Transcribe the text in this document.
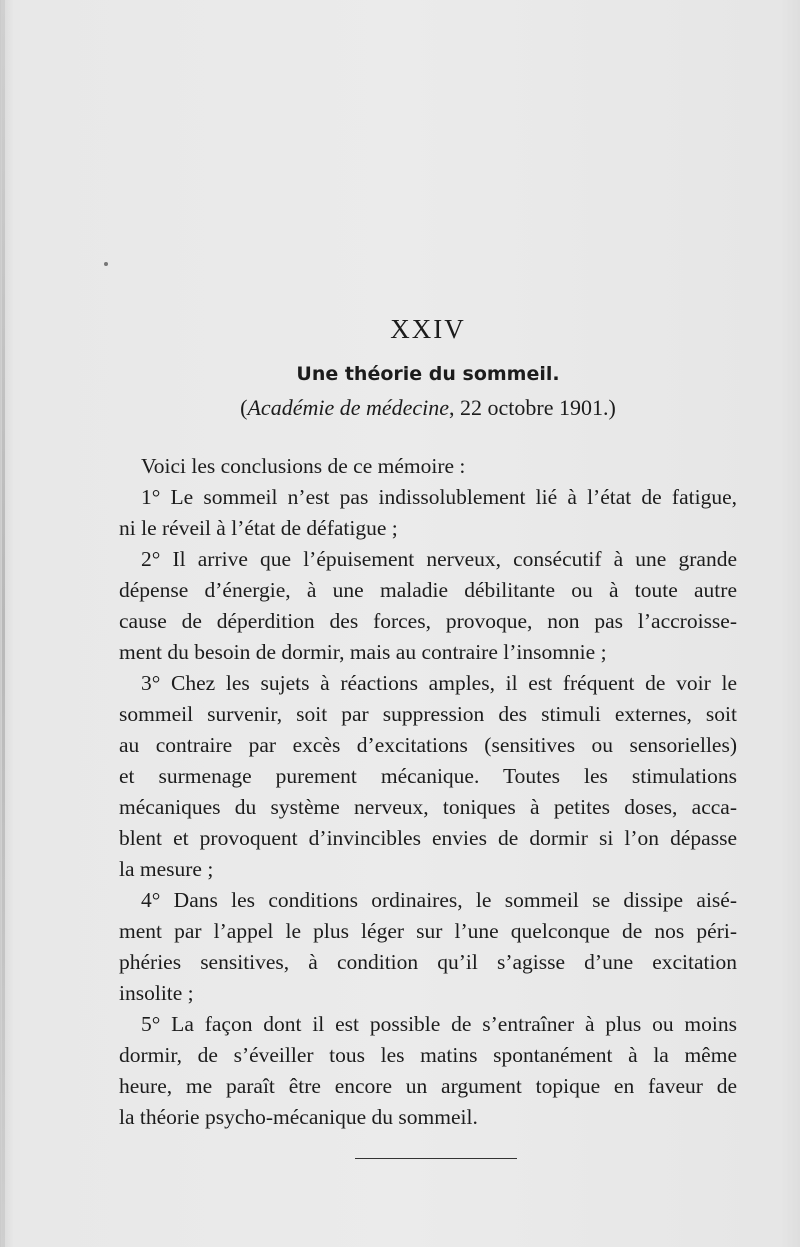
XXIV
Une théorie du sommeil.
(Académie de médecine, 22 octobre 1901.)
Voici les conclusions de ce mémoire :
1° Le sommeil n’est pas indissolublement lié à l’état de fatigue,
ni le réveil à l’état de défatigue ;
2° Il arrive que l’épuisement nerveux, consécutif à une grande
dépense d’énergie, à une maladie débilitante ou à toute autre
cause de déperdition des forces, provoque, non pas l’accroisse-
ment du besoin de dormir, mais au contraire l’insomnie ;
3° Chez les sujets à réactions amples, il est fréquent de voir le
sommeil survenir, soit par suppression des stimuli externes, soit
au contraire par excès d’excitations (sensitives ou sensorielles)
et surmenage purement mécanique. Toutes les stimulations
mécaniques du système nerveux, toniques à petites doses, acca-
blent et provoquent d’invincibles envies de dormir si l’on dépasse
la mesure ;
4° Dans les conditions ordinaires, le sommeil se dissipe aisé-
ment par l’appel le plus léger sur l’une quelconque de nos péri-
phéries sensitives, à condition qu’il s’agisse d’une excitation
insolite ;
5° La façon dont il est possible de s’entraîner à plus ou moins
dormir, de s’éveiller tous les matins spontanément à la même
heure, me paraît être encore un argument topique en faveur de
la théorie psycho-mécanique du sommeil.
